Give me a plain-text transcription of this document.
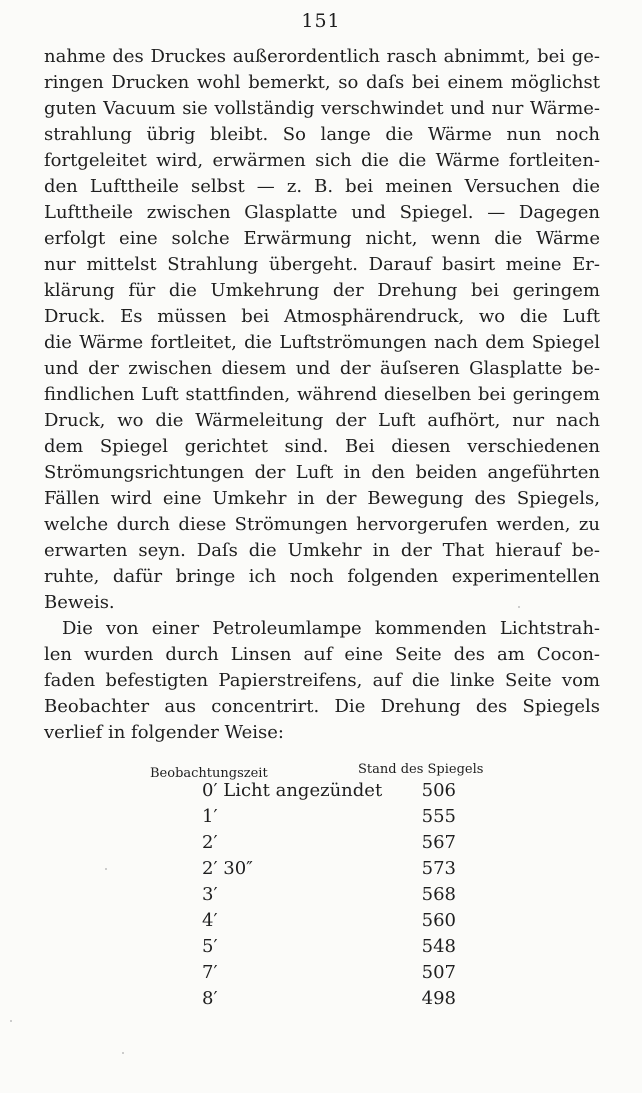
151
nahme des Druckes außerordentlich rasch abnimmt, bei ge-
ringen Drucken wohl bemerkt, so daſs bei einem möglichst
guten Vacuum sie vollständig verschwindet und nur Wärme-
strahlung übrig bleibt. So lange die Wärme nun noch
fortgeleitet wird, erwärmen sich die die Wärme fortleiten-
den Lufttheile selbst — z. B. bei meinen Versuchen die
Lufttheile zwischen Glasplatte und Spiegel. — Dagegen
erfolgt eine solche Erwärmung nicht, wenn die Wärme
nur mittelst Strahlung übergeht. Darauf basirt meine Er-
klärung für die Umkehrung der Drehung bei geringem
Druck. Es müssen bei Atmosphärendruck, wo die Luft
die Wärme fortleitet, die Luftströmungen nach dem Spiegel
und der zwischen diesem und der äuſseren Glasplatte be-
findlichen Luft stattfinden, während dieselben bei geringem
Druck, wo die Wärmeleitung der Luft aufhört, nur nach
dem Spiegel gerichtet sind. Bei diesen verschiedenen
Strömungsrichtungen der Luft in den beiden angeführten
Fällen wird eine Umkehr in der Bewegung des Spiegels,
welche durch diese Strömungen hervorgerufen werden, zu
erwarten seyn. Daſs die Umkehr in der That hierauf be-
ruhte, dafür bringe ich noch folgenden experimentellen
Beweis.
Die von einer Petroleumlampe kommenden Lichtstrah-
len wurden durch Linsen auf eine Seite des am Cocon-
faden befestigten Papierstreifens, auf die linke Seite vom
Beobachter aus concentrirt. Die Drehung des Spiegels
verlief in folgender Weise:
Beobachtungszeit	Stand des Spiegels
0′ Licht angezündet	506
1′	555
2′	567
2′ 30″	573
3′	568
4′	560
5′	548
7′	507
8′	498
